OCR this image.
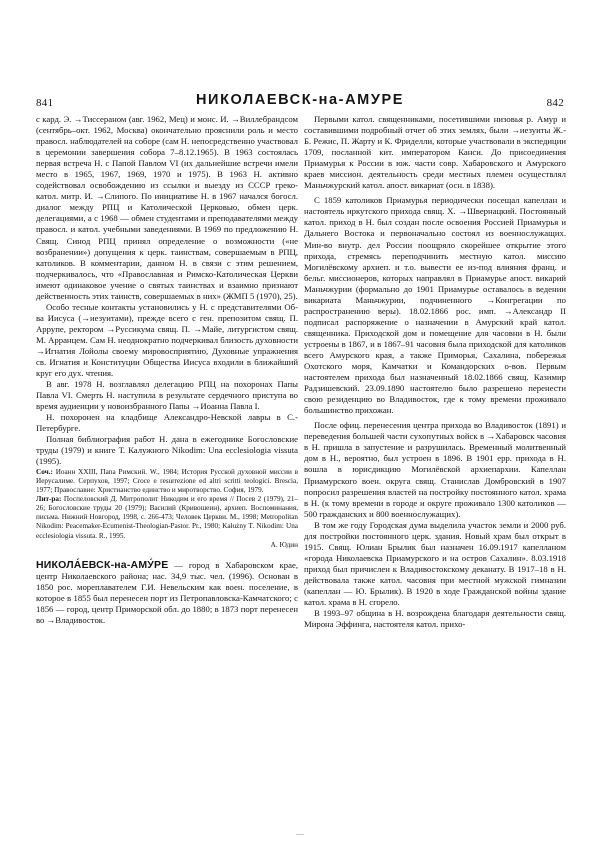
841	НИКОЛАЕВСК-на-АМУРЕ	842

с кард. Э. →Тиссераном (авг. 1962, Мец) и монс. И. →Виллебрандсом (сентябрь–окт. 1962, Москва) окончательно прояснили роль и место правосл. наблюдателей на соборе (сам Н. непосредственно участвовал в церемонии завершения собора 7–8.12.1965). В 1963 состоялась первая встреча Н. с Папой Павлом VI (их дальнейшие встречи имели место в 1965, 1967, 1969, 1970 и 1975). В 1963 Н. активно содействовал освобождению из ссылки и выезду из СССР греко-катол. митр. И. →Слипого. По инициативе Н. в 1967 начался богосл. диалог между РПЦ и Католической Церковью, обмен церк. делегациями, а с 1968 — обмен студентами и преподавателями между правосл. и катол. учебными заведениями. В 1969 по предложению Н. Свящ. Синод РПЦ принял определение о возможности («не возбранении») допущения к церк. таинствам, совершаемым в РПЦ, католиков. В комментарии, данном Н. в связи с этим решением, подчеркивалось, что «Православная и Римско-Католическая Церкви имеют одинаковое учение о святых таинствах и взаимно признают действенность этих таинств, совершаемых в них» (ЖМП 5 (1970), 25).

Особо тесные контакты установились у Н. с представителями Об-ва Иисуса (→иезуитами), прежде всего с ген. препозитом свящ. П. Аррупе, ректором →Руссикума свящ. П. →Майе, литургистом свящ. М. Арранцем. Сам Н. неоднократно подчеркивал близость духовности →Игнатия Лойолы своему мировосприятию, Духовные упражнения св. Игнатия и Конституции Общества Иисуса входили в ближайший круг его дух. чтения.

В авг. 1978 Н. возглавлял делегацию РПЦ на похоронах Папы Павла VI. Смерть Н. наступила в результате сердечного приступа во время аудиенции у новоизбранного Папы →Иоанна Павла I.

Н. похоронен на кладбище Александро-Невской лавры в С.-Петербурге.

Полная библиография работ Н. дана в ежегоднике Богословские труды (1979) и книге Т. Калужного Nikodim: Una ecclesiologia vissuta (1995).

Соч.: Иоанн XXIII, Папа Римский. W., 1984; История Русской духовной миссии в Иерусалиме. Серпухов, 1997; Croce e resurrezione ed altri scritti teologici. Brescia, 1977; Православие: Христианство единство и миротворство. София, 1979.

Лит-ра: Поспеловский Д. Митрополит Никодим и его время // Посев 2 (1979), 21–26; Богословские труды 20 (1979); Василий (Кривошеин), архиеп. Воспоминания, письма. Нижний Новгород, 1998, с. 266-473; Человек Церкви. М., 1998; Metropolitan Nikodim: Peacemaker-Ecumenist-Theologian-Pastor. Pr., 1980; Kałużny T. Nikodim: Una ecclesiologia vissuta. R., 1995.

А. Юдин

НИКОЛА́ЕВСК-на-АМУ́РЕ — город в Хабаровском крае, центр Николаевского района; нас. 34,9 тыс. чел. (1996). Основан в 1850 рос. мореплавателем Г.И. Невельским как воен. поселение, в которое в 1855 был перенесен порт из Петропавловска-Камчатского; с 1856 — город, центр Приморской обл. до 1880; в 1873 порт перенесен во →Владивосток.

Первыми катол. священниками, посетившими низовья р. Амур и составившими подробный отчет об этих землях, были →иезуиты Ж.-Б. Режис, П. Жарту и К. Фриделли, которые участвовали в экспедиции 1709, посланной кит. императором Канси. До присоединения Приамурья к России в юж. части совр. Хабаровского и Амурского краев миссион. деятельность среди местных племен осуществлял Маньчжурский катол. апост. викариат (осн. в 1838).

С 1859 католиков Приамурья периодически посещал капеллан и настоятель иркутского прихода свящ. Х. →Швернацкий. Постоянный катол. приход в Н. был создан после освоения Россией Приамурья и Дальнего Востока и первоначально состоял из военнослужащих. Мин-во внутр. дел России поощряло скорейшее открытие этого прихода, стремясь переподчинить местную катол. миссию Могилёвскому архиеп. и т.о. вывести ее из-под влияния франц. и бельг. миссионеров, которых направлял в Приамурье апост. викарий Маньчжурии (формально до 1901 Приамурье оставалось в ведении викариата Маньчжурии, подчиненного →Конгрегации по распространению веры). 18.02.1866 рос. имп. →Александр II подписал распоряжение о назначении в Амурский край катол. священника. Приходской дом и помещение для часовни в Н. были устроены в 1867, и в 1867–91 часовня была приходской для католиков всего Амурского края, а также Приморья, Сахалина, побережья Охотского моря, Камчатки и Командорских о-вов. Первым настоятелем прихода был назначенный 18.02.1866 свящ. Казимир Радзишевский. 23.09.1890 настоятелю было разрешено перенести свою резиденцию во Владивосток, где к тому времени проживало большинство прихожан.

После офиц. перенесения центра прихода во Владивосток (1891) и переведения большей части сухопутных войск в →Хабаровск часовня в Н. пришла в запустение и разрушилась. Временный молитвенный дом в Н., вероятно, был устроен в 1896. В 1901 epр. прихода в Н. вошла в юрисдикцию Могилёвской архиепархии. Капеллан Приамурского воен. округа свящ. Станислав Домбровский в 1907 попросил разрешения властей на постройку постоянного катол. храма в Н. (к тому времени в городе и округе проживало 1300 католиков — 500 гражданских и 800 военнослужащих).

В том же году Городская дума выделила участок земли и 2000 руб. для постройки постоянного церк. здания. Новый храм был открыт в 1915. Свящ. Юлиан Брылик был назначен 16.09.1917 капелланом «города Николаевска Приамурского и на остров Сахалин». 8.03.1918 приход был причислен к Владивостокскому деканату. В 1917–18 в Н. действовала также катол. часовня при местной мужской гимназии (капеллан — Ю. Брылик). В 1920 в ходе Гражданской войны здание катол. храма в Н. сгорело.

В 1993–97 община в Н. возрождена благодаря деятельности свящ. Мирона Эффинга, настоятеля катол. прихо-
